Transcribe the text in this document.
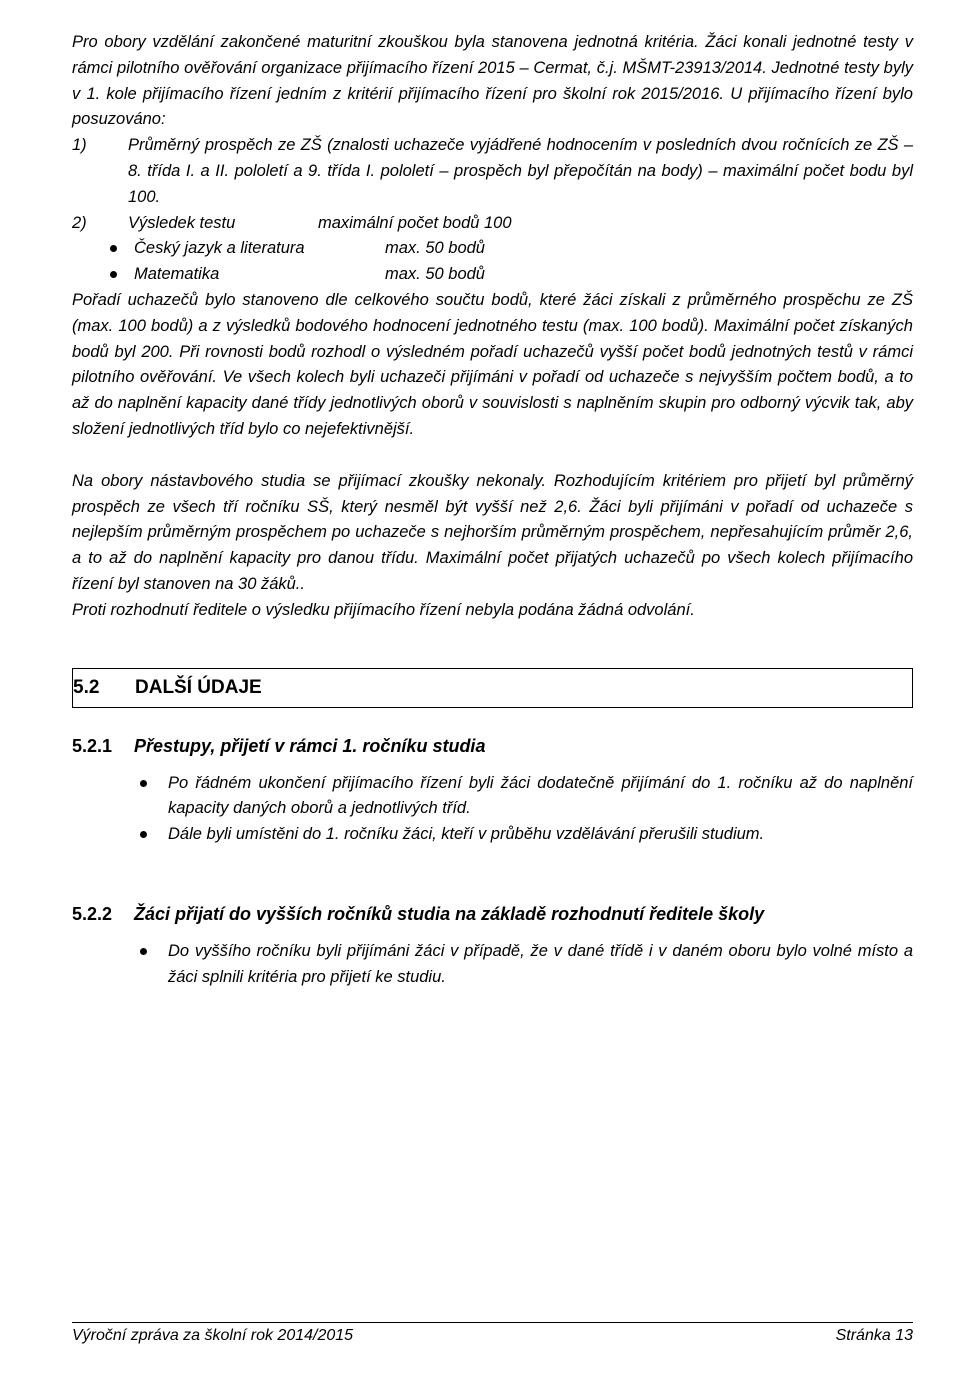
Pro obory vzdělání zakončené maturitní zkouškou byla stanovena jednotná kritéria. Žáci konali jednotné testy v rámci pilotního ověřování organizace přijímacího řízení 2015 – Cermat, č.j. MŠMT-23913/2014. Jednotné testy byly v 1. kole přijímacího řízení jedním z kritérií přijímacího řízení pro školní rok 2015/2016. U přijímacího řízení bylo posuzováno:

1)	Průměrný prospěch ze ZŠ (znalosti uchazeče vyjádřené hodnocením v posledních dvou ročnících ze ZŠ – 8. třída I. a II. pololetí a 9. třída I. pololetí – prospěch byl přepočítán na body) – maximální počet bodu byl 100.
2)	Výsledek testu	maximální počet bodů 100
Český jazyk a literatura	max. 50 bodů
Matematika	max. 50 bodů

Pořadí uchazečů bylo stanoveno dle celkového součtu bodů, které žáci získali z průměrného prospěchu ze ZŠ (max. 100 bodů) a z výsledků bodového hodnocení jednotného testu (max. 100 bodů). Maximální počet získaných bodů byl 200. Při rovnosti bodů rozhodl o výsledném pořadí uchazečů vyšší počet bodů jednotných testů v rámci pilotního ověřování. Ve všech kolech byli uchazeči přijímáni v pořadí od uchazeče s nejvyšším počtem bodů, a to až do naplnění kapacity dané třídy jednotlivých oborů v souvislosti s naplněním skupin pro odborný výcvik tak, aby složení jednotlivých tříd bylo co nejefektivnější.

Na obory nástavbového studia se přijímací zkoušky nekonaly. Rozhodujícím kritériem pro přijetí byl průměrný prospěch ze všech tří ročníku SŠ, který nesměl být vyšší než 2,6. Žáci byli přijímáni v pořadí od uchazeče s nejlepším průměrným prospěchem po uchazeče s nejhorším průměrným prospěchem, nepřesahujícím průměr 2,6, a to až do naplnění kapacity pro danou třídu. Maximální počet přijatých uchazečů po všech kolech přijímacího řízení byl stanoven na 30 žáků..

Proti rozhodnutí ředitele o výsledku přijímacího řízení nebyla podána žádná odvolání.

5.2	DALŠÍ ÚDAJE
5.2.1	Přestupy, přijetí v rámci 1. ročníku studia
Po řádném ukončení přijímacího řízení byli žáci dodatečně přijímání do 1. ročníku až do naplnění kapacity daných oborů a jednotlivých tříd.
Dále byli umístěni do 1. ročníku žáci, kteří v průběhu vzdělávání přerušili studium.
5.2.2	Žáci přijatí do vyšších ročníků studia na základě rozhodnutí ředitele školy
Do vyššího ročníku byli přijímáni žáci v případě, že v dané třídě i v daném oboru bylo volné místo a žáci splnili kritéria pro přijetí ke studiu.
Výroční zpráva za školní rok 2014/2015	Stránka 13
